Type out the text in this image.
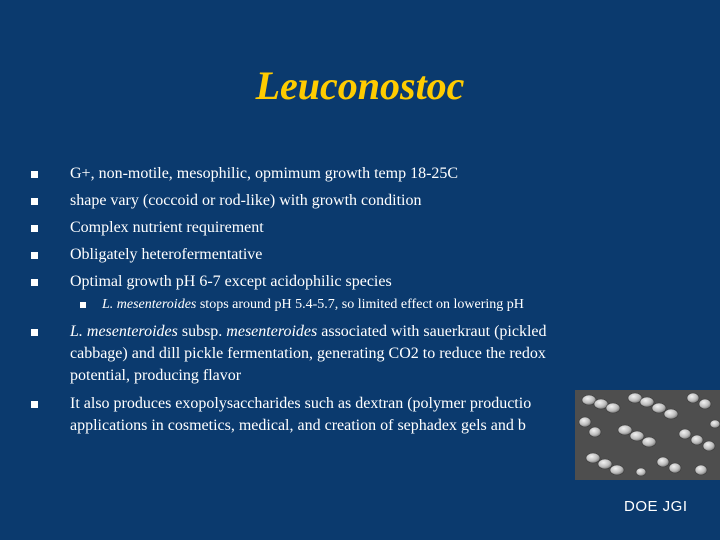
Leuconostoc
G+, non-motile, mesophilic, opmimum growth temp 18-25C
shape vary (coccoid or rod-like) with growth condition
Complex nutrient requirement
Obligately heterofermentative
Optimal growth pH 6-7 except acidophilic species
L. mesenteroides stops around pH 5.4-5.7, so limited effect on lowering pH
L. mesenteroides subsp. mesenteroides associated with sauerkraut (pickled
cabbage) and dill pickle fermentation, generating CO2 to reduce the redox
potential, producing flavor
It also produces exopolysaccharides such as dextran (polymer productio
applications in cosmetics, medical, and creation of sephadex gels and b
DOE JGI
